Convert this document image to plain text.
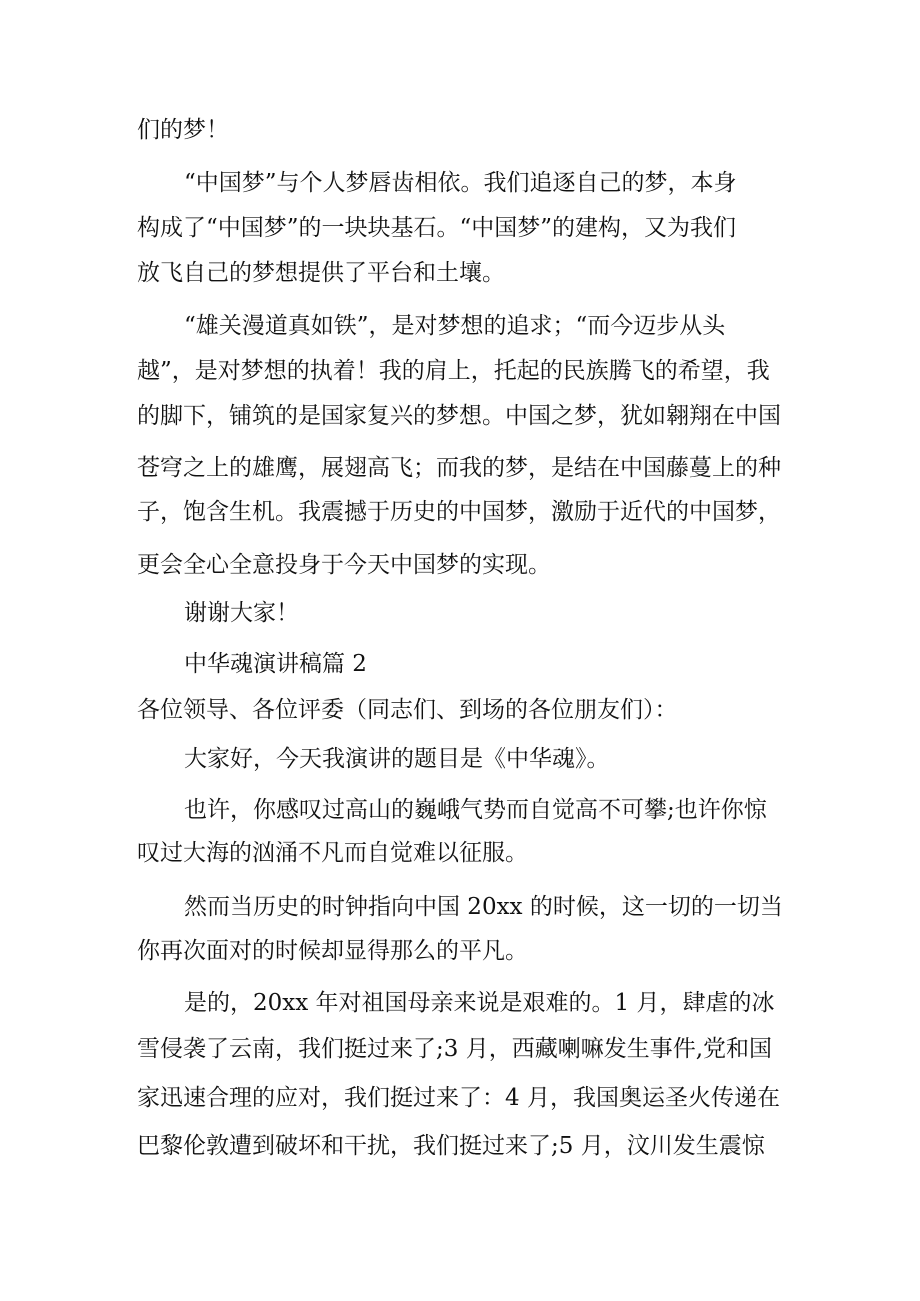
们的梦！

“中国梦”与个人梦唇齿相依。我们追逐自己的梦，本身

构成了“中国梦”的一块块基石。“中国梦”的建构，又为我们

放飞自己的梦想提供了平台和土壤。

“雄关漫道真如铁”，是对梦想的追求；“而今迈步从头

越”，是对梦想的执着！我的肩上，托起的民族腾飞的希望，我

的脚下，铺筑的是国家复兴的梦想。中国之梦，犹如翱翔在中国

苍穹之上的雄鹰，展翅高飞；而我的梦，是结在中国藤蔓上的种

子，饱含生机。我震撼于历史的中国梦，激励于近代的中国梦，

更会全心全意投身于今天中国梦的实现。

谢谢大家！

中华魂演讲稿篇 2

各位领导、各位评委（同志们、到场的各位朋友们）：

大家好，今天我演讲的题目是《中华魂》。

也许，你感叹过高山的巍峨气势而自觉高不可攀;也许你惊

叹过大海的汹涌不凡而自觉难以征服。

然而当历史的时钟指向中国 20xx 的时候，这一切的一切当

你再次面对的时候却显得那么的平凡。

是的，20xx 年对祖国母亲来说是艰难的。1 月，肆虐的冰

雪侵袭了云南，我们挺过来了;3 月，西藏喇嘛发生事件,党和国

家迅速合理的应对，我们挺过来了：4 月，我国奥运圣火传递在

巴黎伦敦遭到破坏和干扰，我们挺过来了;5 月，汶川发生震惊
